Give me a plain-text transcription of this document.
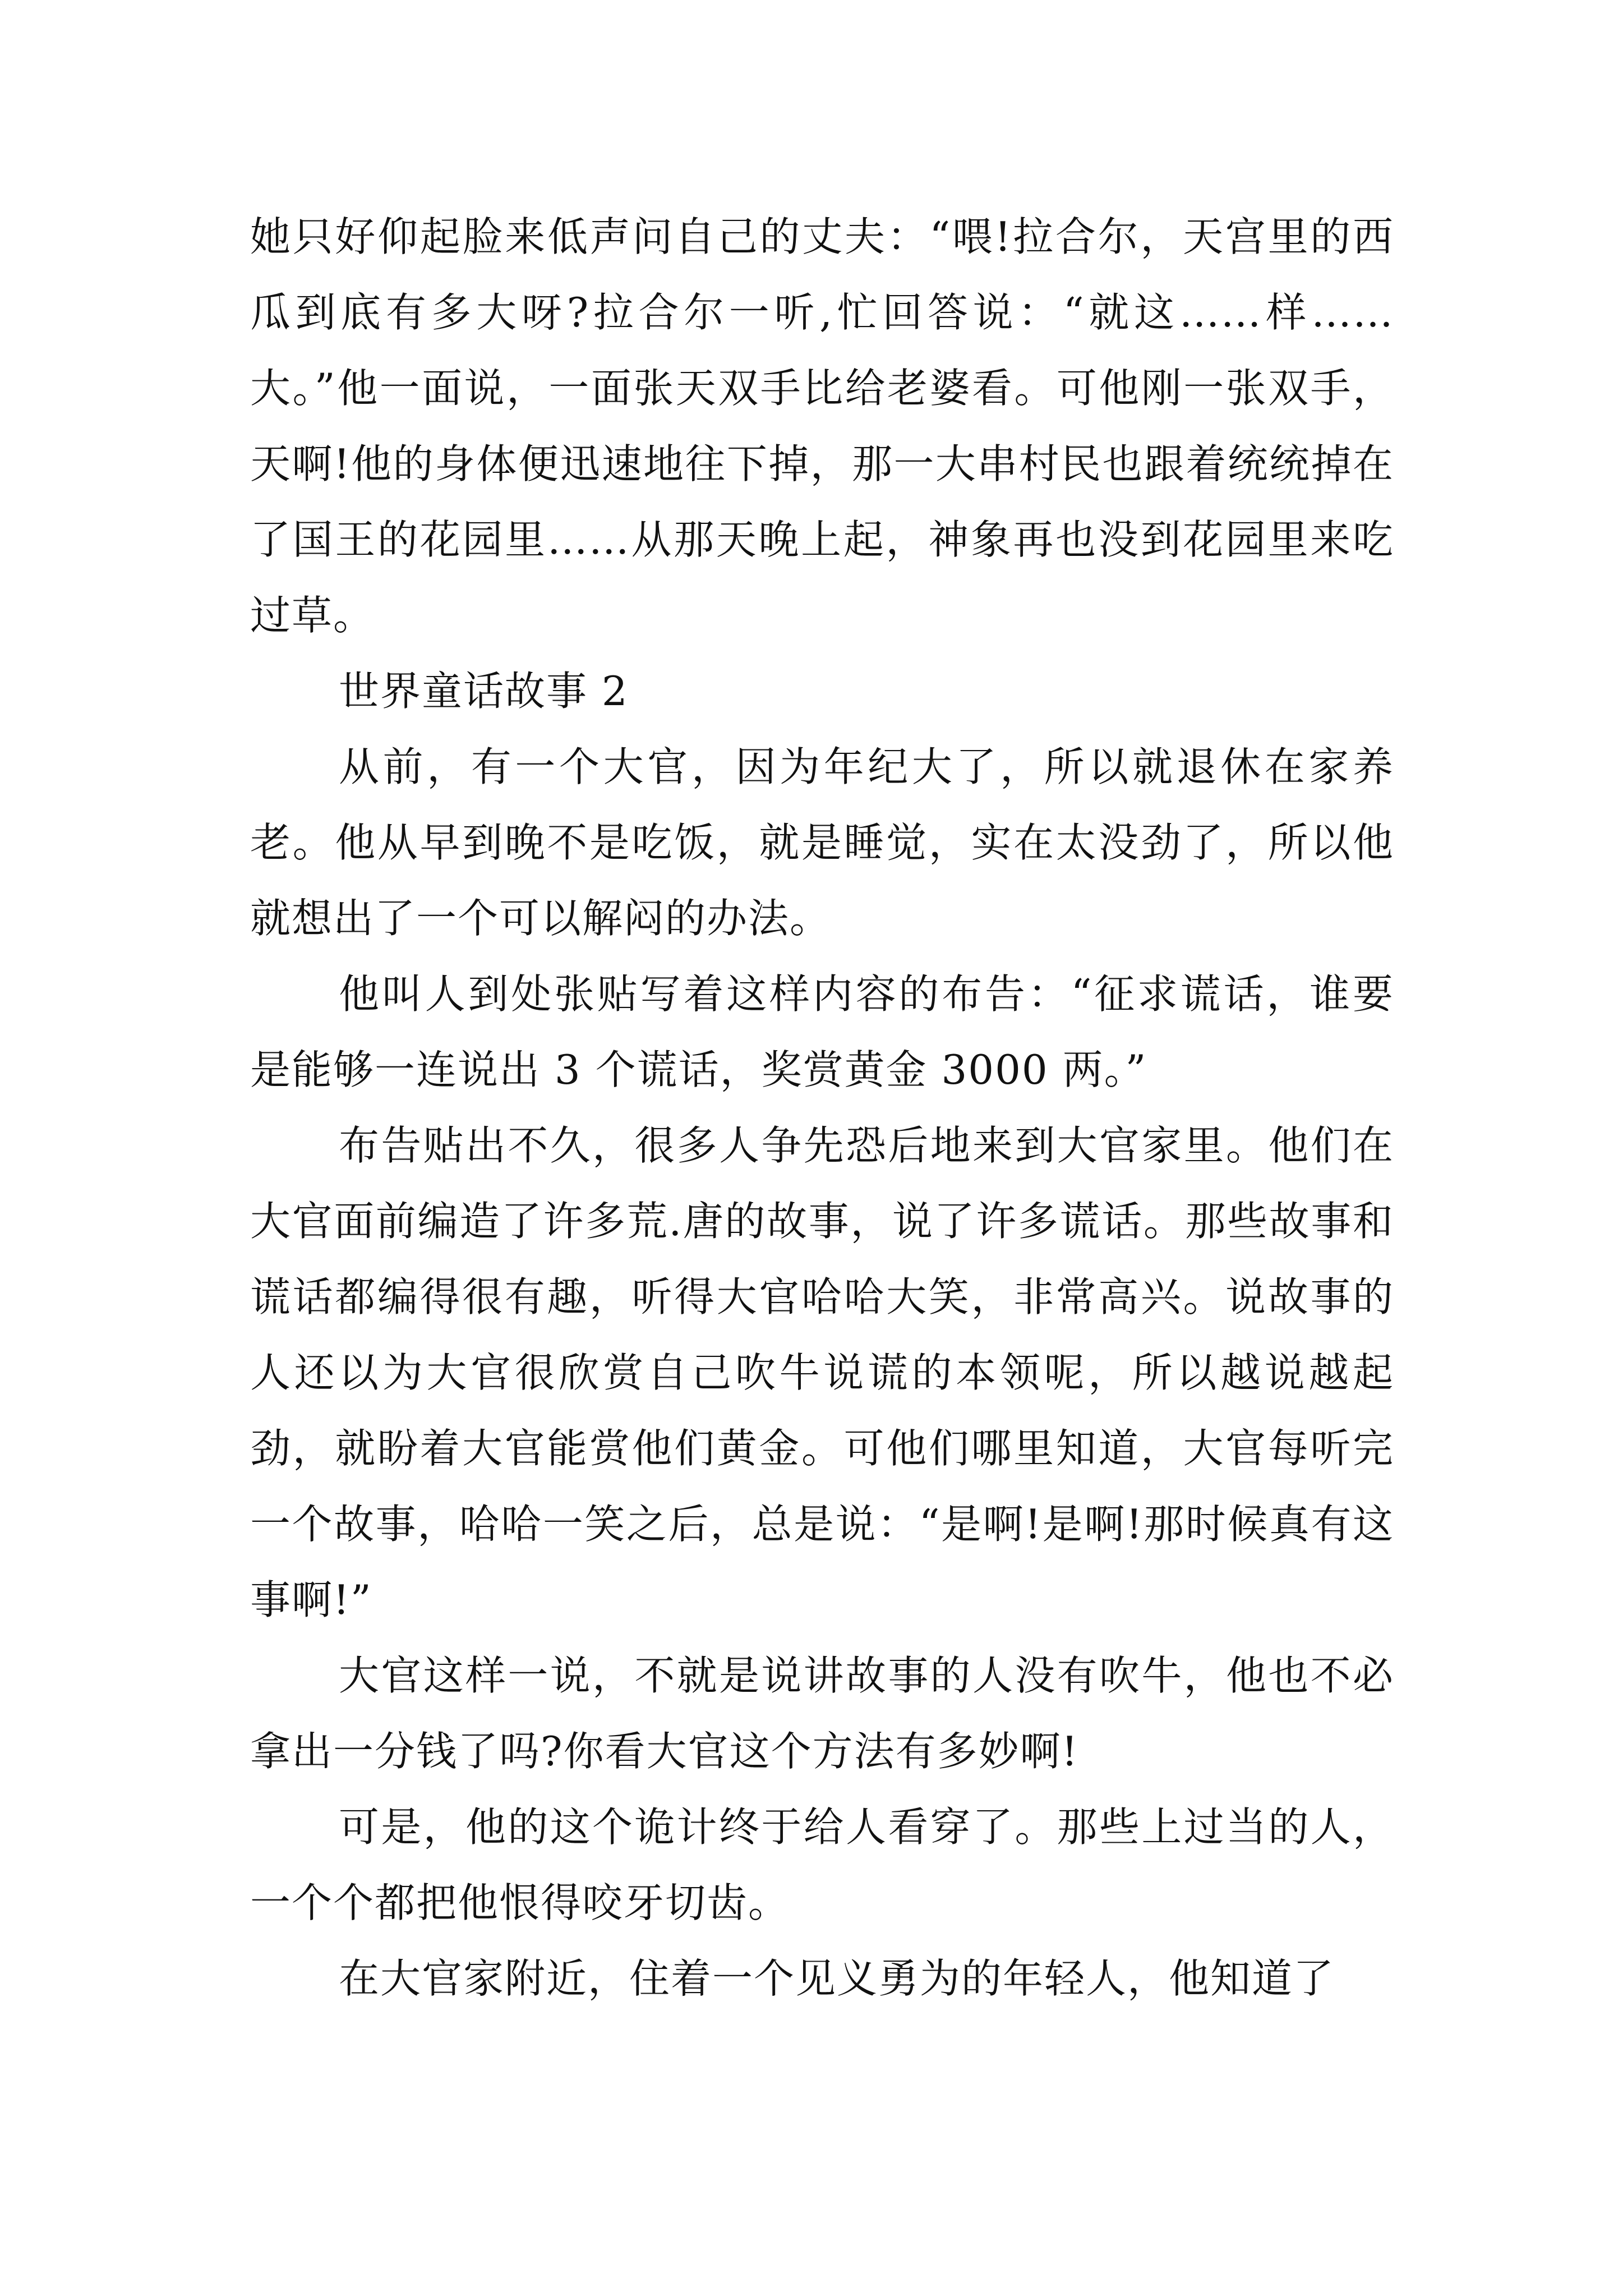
她只好仰起脸来低声问自己的丈夫：“喂!拉合尔，天宫里的西瓜到底有多大呀?拉合尔一听,忙回答说：“就这……样……大。”他一面说，一面张天双手比给老婆看。可他刚一张双手，天啊!他的身体便迅速地往下掉，那一大串村民也跟着统统掉在了国王的花园里……从那天晚上起，神象再也没到花园里来吃过草。

世界童话故事 2

从前，有一个大官，因为年纪大了，所以就退休在家养老。他从早到晚不是吃饭，就是睡觉，实在太没劲了，所以他就想出了一个可以解闷的办法。

他叫人到处张贴写着这样内容的布告：“征求谎话，谁要是能够一连说出 3 个谎话，奖赏黄金 3000 两。”

布告贴出不久，很多人争先恐后地来到大官家里。他们在大官面前编造了许多荒.唐的故事，说了许多谎话。那些故事和谎话都编得很有趣，听得大官哈哈大笑，非常高兴。说故事的人还以为大官很欣赏自己吹牛说谎的本领呢，所以越说越起劲，就盼着大官能赏他们黄金。可他们哪里知道，大官每听完一个故事，哈哈一笑之后，总是说：“是啊!是啊!那时候真有这事啊!”

大官这样一说，不就是说讲故事的人没有吹牛，他也不必拿出一分钱了吗?你看大官这个方法有多妙啊!

可是，他的这个诡计终于给人看穿了。那些上过当的人，一个个都把他恨得咬牙切齿。

在大官家附近，住着一个见义勇为的年轻人，他知道了
